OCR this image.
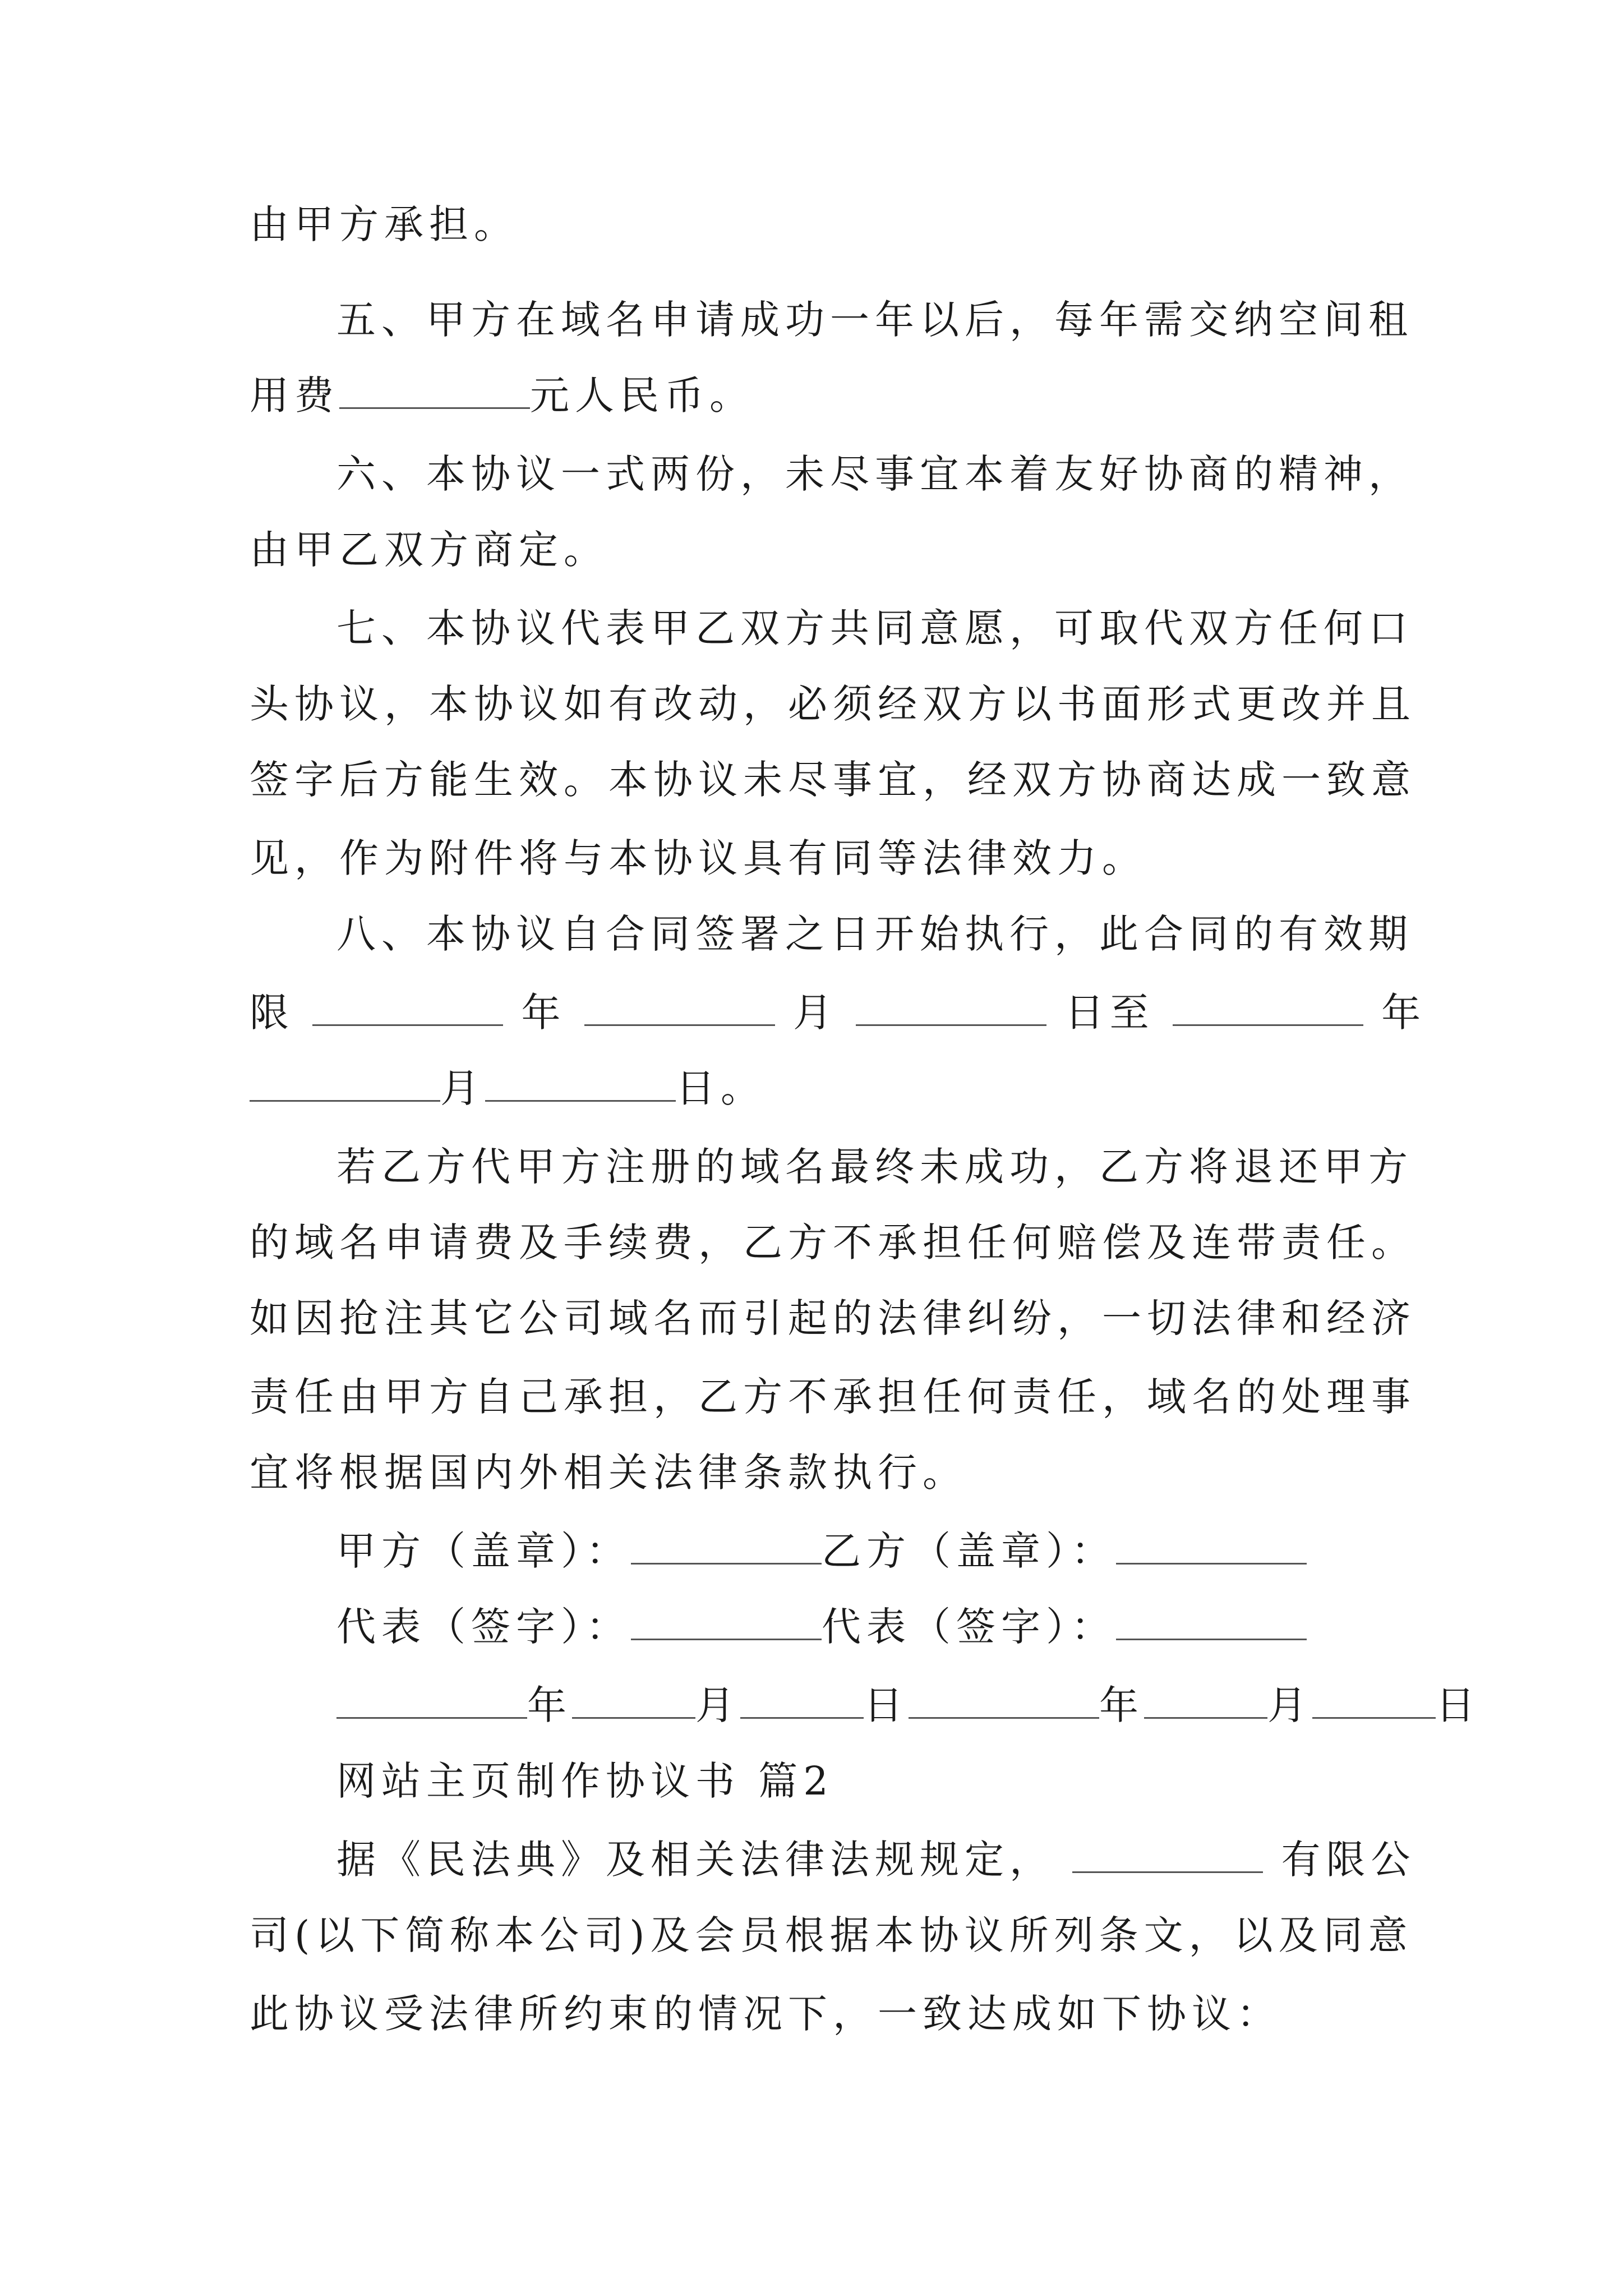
由甲方承担。
五、甲方在域名申请成功一年以后，每年需交纳空间租
用费	元人民币。
六、本协议一式两份，未尽事宜本着友好协商的精神，
由甲乙双方商定。
七、本协议代表甲乙双方共同意愿，可取代双方任何口
头协议，本协议如有改动，必须经双方以书面形式更改并且
签字后方能生效。本协议未尽事宜，经双方协商达成一致意
见，作为附件将与本协议具有同等法律效力。
八、本协议自合同签署之日开始执行，此合同的有效期
限	年	月	日至	年
月	日。
若乙方代甲方注册的域名最终未成功，乙方将退还甲方
的域名申请费及手续费，乙方不承担任何赔偿及连带责任。
如因抢注其它公司域名而引起的法律纠纷，一切法律和经济
责任由甲方自己承担，乙方不承担任何责任，域名的处理事
宜将根据国内外相关法律条款执行。
甲方（盖章）：	乙方（盖章）：
代表（签字）：	代表（签字）：
年	月	日	年	月	日
网站主页制作协议书 篇2
据《民法典》及相关法律法规规定，	有限公
司(以下简称本公司)及会员根据本协议所列条文，以及同意
此协议受法律所约束的情况下，一致达成如下协议：
